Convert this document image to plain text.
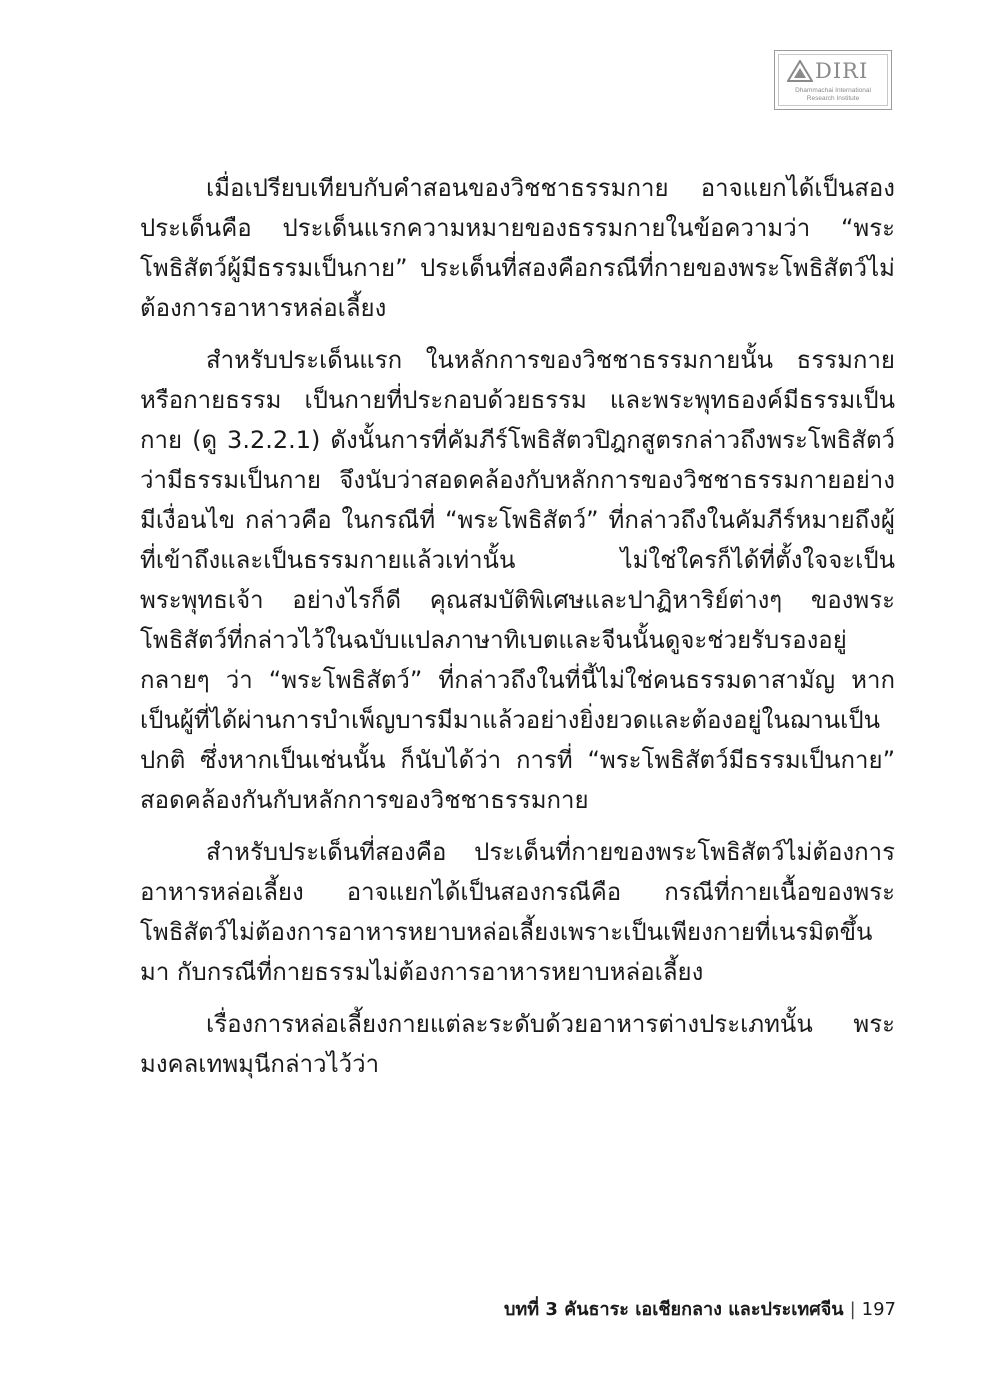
DIRI
Dhammachai International
Research Institute

เมื่อเปรียบเทียบกับคำสอนของวิชชาธรรมกาย อาจแยกได้เป็นสองประเด็นคือ ประเด็นแรกความหมายของธรรมกายในข้อความว่า “พระโพธิสัตว์ผู้มีธรรมเป็นกาย” ประเด็นที่สองคือกรณีที่กายของพระโพธิสัตว์ไม่ต้องการอาหารหล่อเลี้ยง

สำหรับประเด็นแรก ในหลักการของวิชชาธรรมกายนั้น ธรรมกายหรือกายธรรม เป็นกายที่ประกอบด้วยธรรม และพระพุทธองค์มีธรรมเป็นกาย (ดู 3.2.2.1) ดังนั้นการที่คัมภีร์โพธิสัตวปิฎกสูตรกล่าวถึงพระโพธิสัตว์ว่ามีธรรมเป็นกาย จึงนับว่าสอดคล้องกับหลักการของวิชชาธรรมกายอย่างมีเงื่อนไข กล่าวคือ ในกรณีที่ “พระโพธิสัตว์” ที่กล่าวถึงในคัมภีร์หมายถึงผู้ที่เข้าถึงและเป็นธรรมกายแล้วเท่านั้น ไม่ใช่ใครก็ได้ที่ตั้งใจจะเป็นพระพุทธเจ้า อย่างไรก็ดี คุณสมบัติพิเศษและปาฏิหาริย์ต่างๆ ของพระโพธิสัตว์ที่กล่าวไว้ในฉบับแปลภาษาทิเบตและจีนนั้นดูจะช่วยรับรองอยู่กลายๆ ว่า “พระโพธิสัตว์” ที่กล่าวถึงในที่นี้ไม่ใช่คนธรรมดาสามัญ หากเป็นผู้ที่ได้ผ่านการบำเพ็ญบารมีมาแล้วอย่างยิ่งยวดและต้องอยู่ในฌานเป็นปกติ ซึ่งหากเป็นเช่นนั้น ก็นับได้ว่า การที่ “พระโพธิสัตว์มีธรรมเป็นกาย” สอดคล้องกันกับหลักการของวิชชาธรรมกาย

สำหรับประเด็นที่สองคือ ประเด็นที่กายของพระโพธิสัตว์ไม่ต้องการอาหารหล่อเลี้ยง อาจแยกได้เป็นสองกรณีคือ กรณีที่กายเนื้อของพระโพธิสัตว์ไม่ต้องการอาหารหยาบหล่อเลี้ยงเพราะเป็นเพียงกายที่เนรมิตขึ้นมา กับกรณีที่กายธรรมไม่ต้องการอาหารหยาบหล่อเลี้ยง

เรื่องการหล่อเลี้ยงกายแต่ละระดับด้วยอาหารต่างประเภทนั้น พระมงคลเทพมุนีกล่าวไว้ว่า

บทที่ 3 คันธาระ เอเชียกลาง และประเทศจีน | 197
